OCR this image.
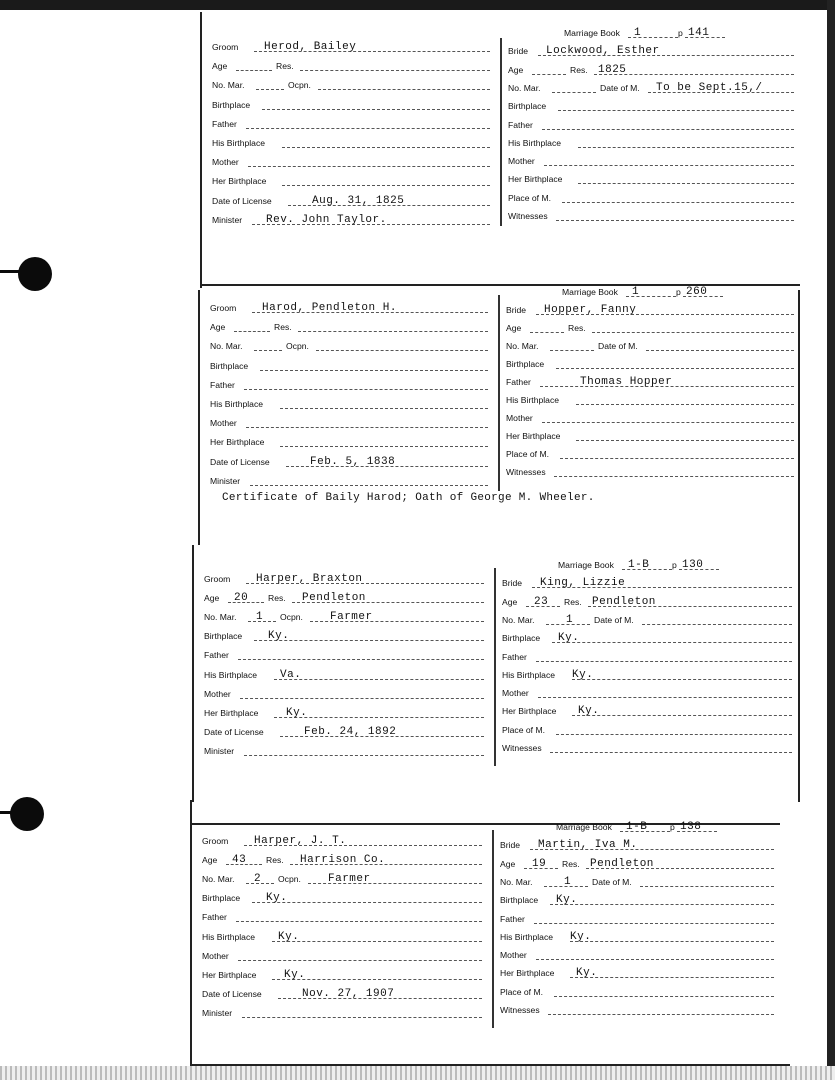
Groom Herod, Bailey
Age	Res.
No. Mar.	Ocpn.
Birthplace
Father
His Birthplace
Mother
Her Birthplace
Date of License	Aug. 31, 1825
Minister Rev. John Taylor.
Marriage Book 1	p 141
Bride Lockwood, Esther
Age	Res. 1825
No. Mar.	Date of M. To be Sept.15,/
Birthplace
Father
His Birthplace
Mother
Her Birthplace
Place of M.
Witnesses
Groom Harod, Pendleton H.
Age	Res.
No. Mar.	Ocpn.
Birthplace
Father
His Birthplace
Mother
Her Birthplace
Date of License	Feb. 5, 1838
Minister
Marriage Book 1	p 260
Bride Hopper, Fanny
Age	Res.
No. Mar.	Date of M.
Birthplace
Father	Thomas Hopper
His Birthplace
Mother
Her Birthplace
Place of M.
Witnesses
Certificate of Baily Harod; Oath of George M. Wheeler.
Groom Harper, Braxton
Age 20 Res. Pendleton
No. Mar. 1 Ocpn. Farmer
Birthplace Ky.
Father
His Birthplace Va.
Mother
Her Birthplace	Ky.
Date of License	Feb. 24, 1892
Minister
Marriage Book 1-B	p 130
Bride King, Lizzie
Age 23 Res. Pendleton
No. Mar.	1 Date of M.
Birthplace Ky.
Father
His Birthplace Ky.
Mother
Her Birthplace Ky.
Place of M.
Witnesses
Groom Harper, J. T.
Age 43 Res. Harrison Co.
No. Mar. 2 Ocpn. Farmer
Birthplace Ky.
Father
His Birthplace Ky.
Mother
Her Birthplace	Ky.
Date of License	Nov. 27, 1907
Minister
Marriage Book 1-B	p 138
Bride Martin, Iva M.
Age 19 Res. Pendleton
No. Mar.	1 Date of M.
Birthplace Ky.
Father
His Birthplace Ky.
Mother
Her Birthplace Ky.
Place of M.
Witnesses
